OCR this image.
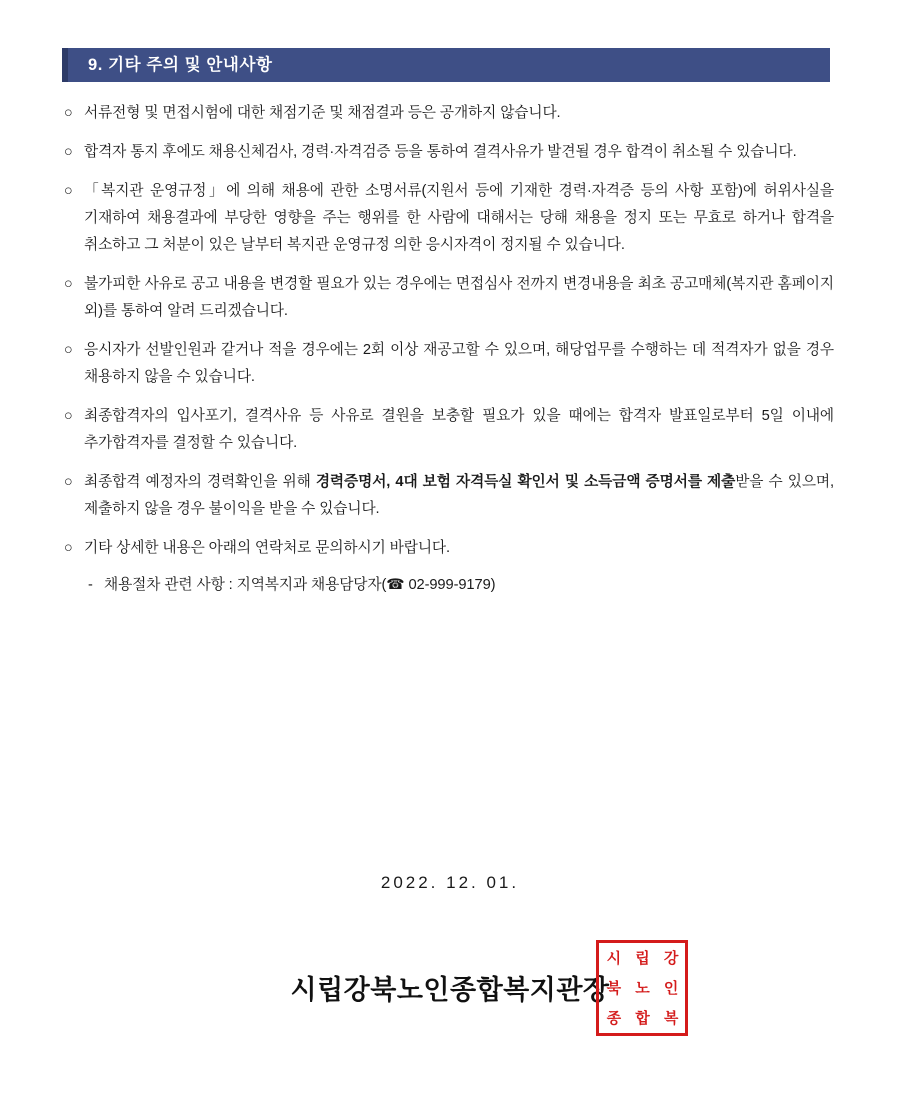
9. 기타 주의 및 안내사항
○ 서류전형 및 면접시험에 대한 채점기준 및 채점결과 등은 공개하지 않습니다.
○ 합격자 통지 후에도 채용신체검사, 경력·자격검증 등을 통하여 결격사유가 발견될 경우 합격이 취소될 수 있습니다.
○ 「복지관 운영규정」에 의해 채용에 관한 소명서류(지원서 등에 기재한 경력·자격증 등의 사항 포함)에 허위사실을 기재하여 채용결과에 부당한 영향을 주는 행위를 한 사람에 대해서는 당해 채용을 정지 또는 무효로 하거나 합격을 취소하고 그 처분이 있은 날부터 복지관 운영규정 의한 응시자격이 정지될 수 있습니다.
○ 불가피한 사유로 공고 내용을 변경할 필요가 있는 경우에는 면접심사 전까지 변경내용을 최초 공고매체(복지관 홈페이지 외)를 통하여 알려 드리겠습니다.
○ 응시자가 선발인원과 같거나 적을 경우에는 2회 이상 재공고할 수 있으며, 해당업무를 수행하는 데 적격자가 없을 경우 채용하지 않을 수 있습니다.
○ 최종합격자의 입사포기, 결격사유 등 사유로 결원을 보충할 필요가 있을 때에는 합격자 발표일로부터 5일 이내에 추가합격자를 결정할 수 있습니다.
○ 최종합격 예정자의 경력확인을 위해 경력증명서, 4대 보험 자격득실 확인서 및 소득금액 증명서를 제출받을 수 있으며, 제출하지 않을 경우 불이익을 받을 수 있습니다.
○ 기타 상세한 내용은 아래의 연락처로 문의하시기 바랍니다.
- 채용절차 관련 사항 : 지역복지과 채용담당자(☎ 02-999-9179)
2022. 12. 01.
시립강북노인종합복지관장
시	립	강
북	노	인
종	합	복
